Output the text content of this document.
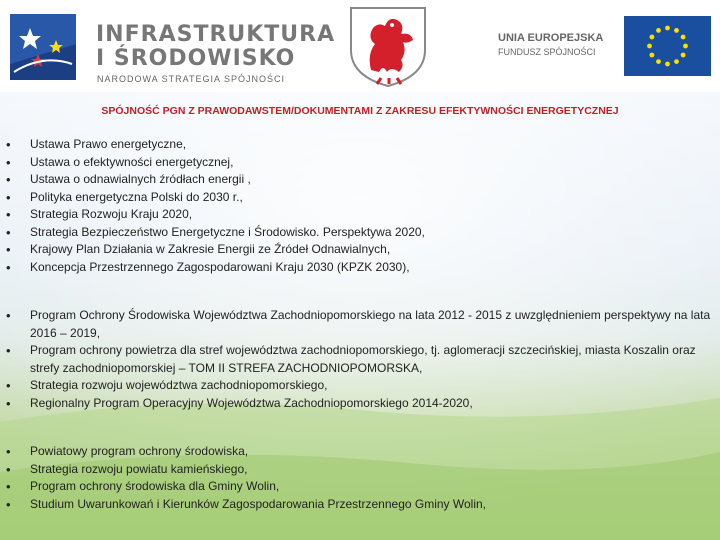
INFRASTRUKTURA
I ŚRODOWISKO
NARODOWA STRATEGIA SPÓJNOŚCI
UNIA EUROPEJSKA
FUNDUSZ SPÓJNOŚCI
SPÓJNOŚĆ PGN Z PRAWODAWSTEM/DOKUMENTAMI Z ZAKRESU EFEKTYWNOŚCI ENERGETYCZNEJ
• Ustawa Prawo energetyczne,
• Ustawa o efektywności energetycznej,
• Ustawa o odnawialnych źródłach energii ,
• Polityka energetyczna Polski do 2030 r.,
• Strategia Rozwoju Kraju 2020,
• Strategia Bezpieczeństwo Energetyczne i Środowisko. Perspektywa 2020,
• Krajowy Plan Działania w Zakresie Energii ze Źródeł Odnawialnych,
• Koncepcja Przestrzennego Zagospodarowani Kraju 2030 (KPZK 2030),
• Program Ochrony Środowiska Województwa Zachodniopomorskiego na lata 2012 - 2015 z uwzględnieniem perspektywy na lata 2016 – 2019,
• Program ochrony powietrza dla stref województwa zachodniopomorskiego, tj. aglomeracji szczecińskiej, miasta Koszalin oraz strefy zachodniopomorskiej – TOM II STREFA ZACHODNIOPOMORSKA,
• Strategia rozwoju województwa zachodniopomorskiego,
• Regionalny Program Operacyjny Województwa Zachodniopomorskiego 2014-2020,
• Powiatowy program ochrony środowiska,
• Strategia rozwoju powiatu kamieńskiego,
• Program ochrony środowiska dla Gminy Wolin,
• Studium Uwarunkowań i Kierunków Zagospodarowania Przestrzennego Gminy Wolin,
